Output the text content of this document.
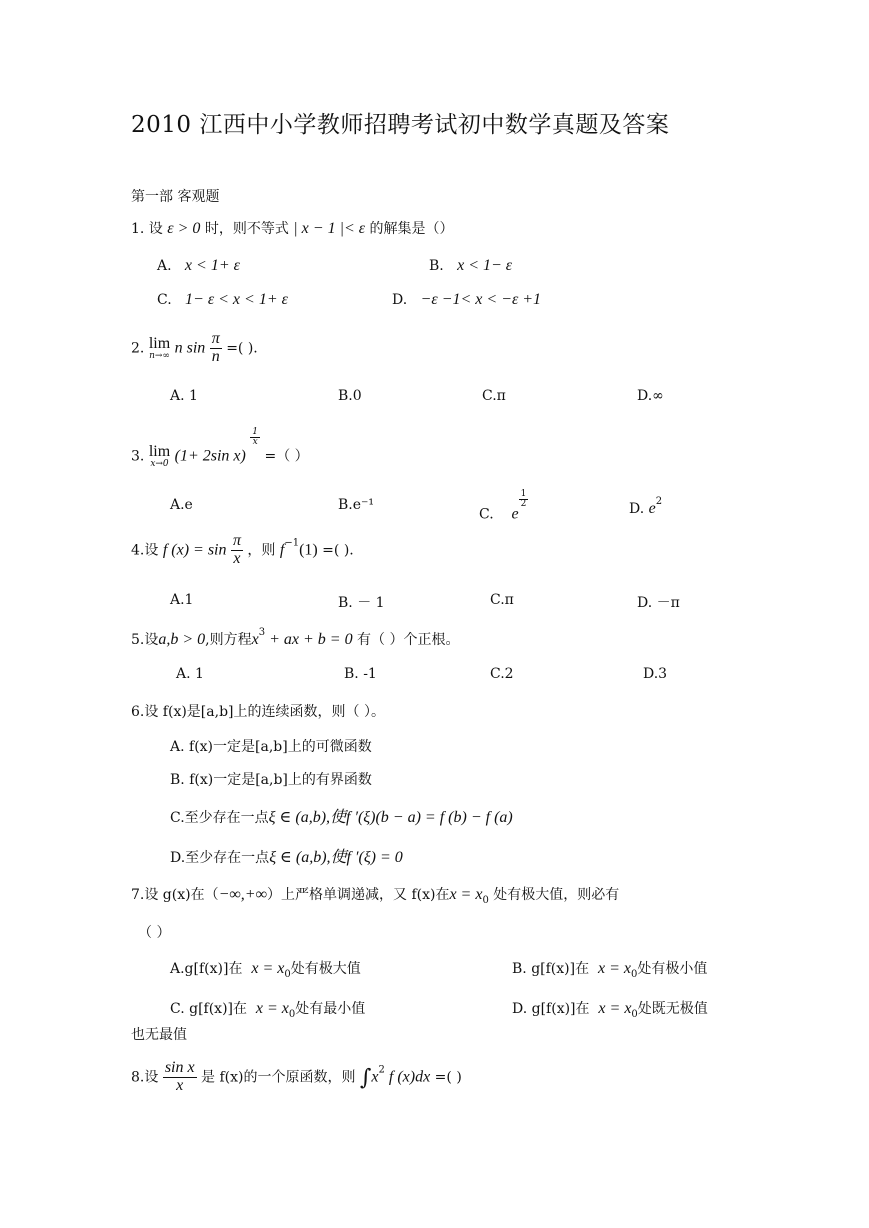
2010 江西中小学教师招聘考试初中数学真题及答案
第一部 客观题
1. 设 ε > 0 时，则不等式 | x − 1 |< ε 的解集是（）
A. x < 1+ ε	B. x < 1− ε
C. 1− ε < x < 1+ ε	D. −ε −1< x < −ε +1
2. lim
n→∞ n $\sin \frac{\pi}{n}$ =( ).
A. 1	B.0	C.π	D.∞
3. lim
x→0 (1+ 2sin x)
$\frac{1}{x}$
=（ ）
A.e	B.e⁻¹
C. e
$\frac{1}{2}$	D. $e^2$
4.设 f $(x) = \sin \frac{\pi}{x}$ ，则 $f^{-1}(1)$ =( ).
A.1	B. － 1	C.π	D. －π
5.设a,b > 0,则方程$x^3$ + ax + b = 0 有（ ）个正根。
A. 1	B. -1	C.2	D.3
6.设 f(x)是[a,b]上的连续函数，则（ ）。
A. f(x)一定是[a,b]上的可微函数
B. f(x)一定是[a,b]上的有界函数
C.至少存在一点ξ ∈ (a,b),使f ′(ξ)(b − a) = f (b) − f (a)
D.至少存在一点ξ ∈ (a,b),使f ′(ξ) = 0
7.设 g(x)在（−∞,+∞）上严格单调递减，又 f(x)在$x = x_0$ 处有极大值，则必有
（ ）
A.g[f(x)]在 $x = x_0$处有极大值	B. g[f(x)]在 $x = x_0$处有极小值
C. g[f(x)]在 $x = x_0$处有最小值	D. g[f(x)]在 $x = x_0$处既无极值
也无最值
8.设 $\frac{\text{sin x}}{x}$ 是 f(x)的一个原函数，则 $\int x^2$ f (x)dx =( )
